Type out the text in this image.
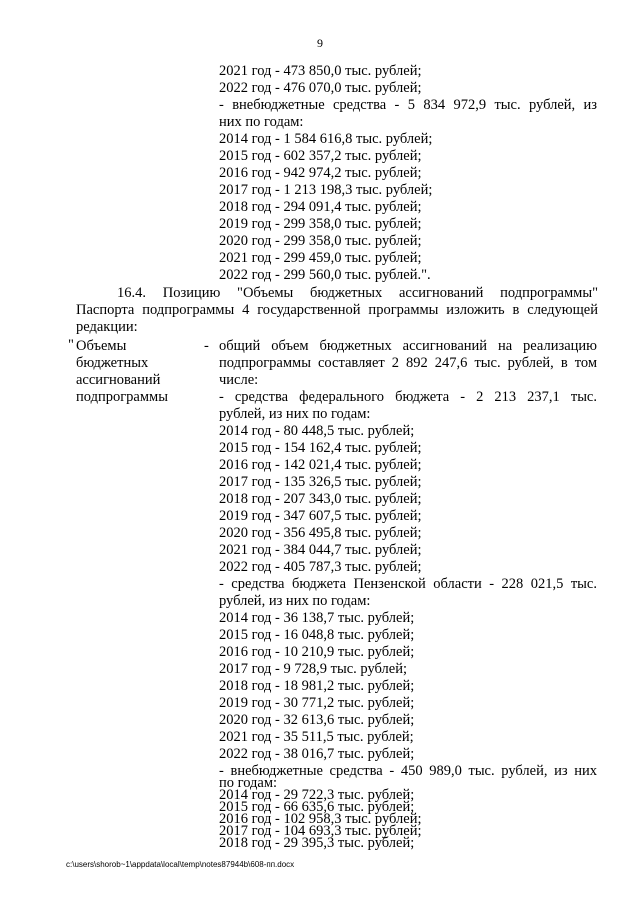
9
2021 год - 473 850,0 тыс. рублей;
2022 год - 476 070,0 тыс. рублей;
- внебюджетные средства - 5 834 972,9 тыс. рублей, из
них по годам:
2014 год - 1 584 616,8 тыс. рублей;
2015 год - 602 357,2 тыс. рублей;
2016 год - 942 974,2 тыс. рублей;
2017 год - 1 213 198,3 тыс. рублей;
2018 год - 294 091,4 тыс. рублей;
2019 год - 299 358,0 тыс. рублей;
2020 год - 299 358,0 тыс. рублей;
2021 год - 299 459,0 тыс. рублей;
2022 год - 299 560,0 тыс. рублей.".
16.4. Позицию "Объемы бюджетных ассигнований подпрограммы"
Паспорта подпрограммы 4 государственной программы изложить в следующей
редакции:
" Объемы
бюджетных
ассигнований
подпрограммы
- общий объем бюджетных ассигнований на реализацию
подпрограммы составляет 2 892 247,6 тыс. рублей, в том
числе:
- средства федерального бюджета - 2 213 237,1 тыс.
рублей, из них по годам:
2014 год - 80 448,5 тыс. рублей;
2015 год - 154 162,4 тыс. рублей;
2016 год - 142 021,4 тыс. рублей;
2017 год - 135 326,5 тыс. рублей;
2018 год - 207 343,0 тыс. рублей;
2019 год - 347 607,5 тыс. рублей;
2020 год - 356 495,8 тыс. рублей;
2021 год - 384 044,7 тыс. рублей;
2022 год - 405 787,3 тыс. рублей;
- средства бюджета Пензенской области - 228 021,5 тыс.
рублей, из них по годам:
2014 год - 36 138,7 тыс. рублей;
2015 год - 16 048,8 тыс. рублей;
2016 год - 10 210,9 тыс. рублей;
2017 год - 9 728,9 тыс. рублей;
2018 год - 18 981,2 тыс. рублей;
2019 год - 30 771,2 тыс. рублей;
2020 год - 32 613,6 тыс. рублей;
2021 год - 35 511,5 тыс. рублей;
2022 год - 38 016,7 тыс. рублей;
- внебюджетные средства - 450 989,0 тыс. рублей, из них
по годам:
2014 год - 29 722,3 тыс. рублей;
2015 год - 66 635,6 тыс. рублей;
2016 год - 102 958,3 тыс. рублей;
2017 год - 104 693,3 тыс. рублей;
2018 год - 29 395,3 тыс. рублей;
c:\users\shorob~1\appdata\local\temp\notes87944b\608-пп.docx
